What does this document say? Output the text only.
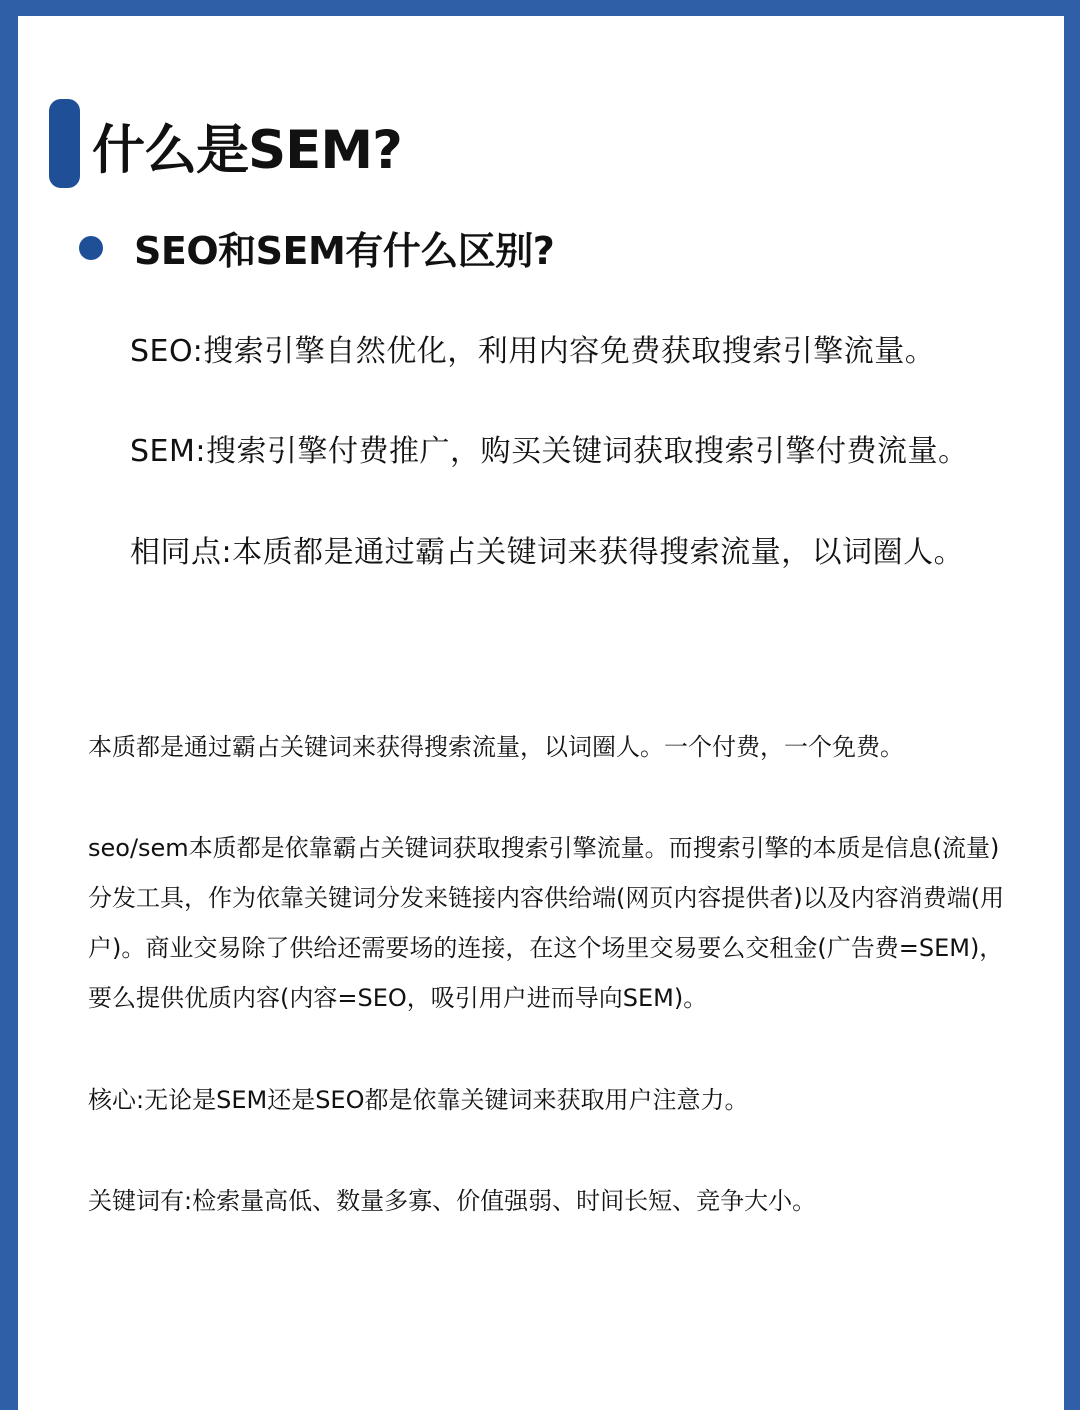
什么是SEM?
SEO和SEM有什么区别?
SEO:搜索引擎自然优化，利用内容免费获取搜索引擎流量。
SEM:搜索引擎付费推广，购买关键词获取搜索引擎付费流量。
相同点:本质都是通过霸占关键词来获得搜索流量，以词圈人。
本质都是通过霸占关键词来获得搜索流量，以词圈人。一个付费，一个免费。
seo/sem本质都是依靠霸占关键词获取搜索引擎流量。而搜索引擎的本质是信息(流量)分发工具，作为依靠关键词分发来链接内容供给端(网页内容提供者)以及内容消费端(用户)。商业交易除了供给还需要场的连接，在这个场里交易要么交租金(广告费=SEM)，要么提供优质内容(内容=SEO，吸引用户进而导向SEM)。
核心:无论是SEM还是SEO都是依靠关键词来获取用户注意力。
关键词有:检索量高低、数量多寡、价值强弱、时间长短、竞争大小。
